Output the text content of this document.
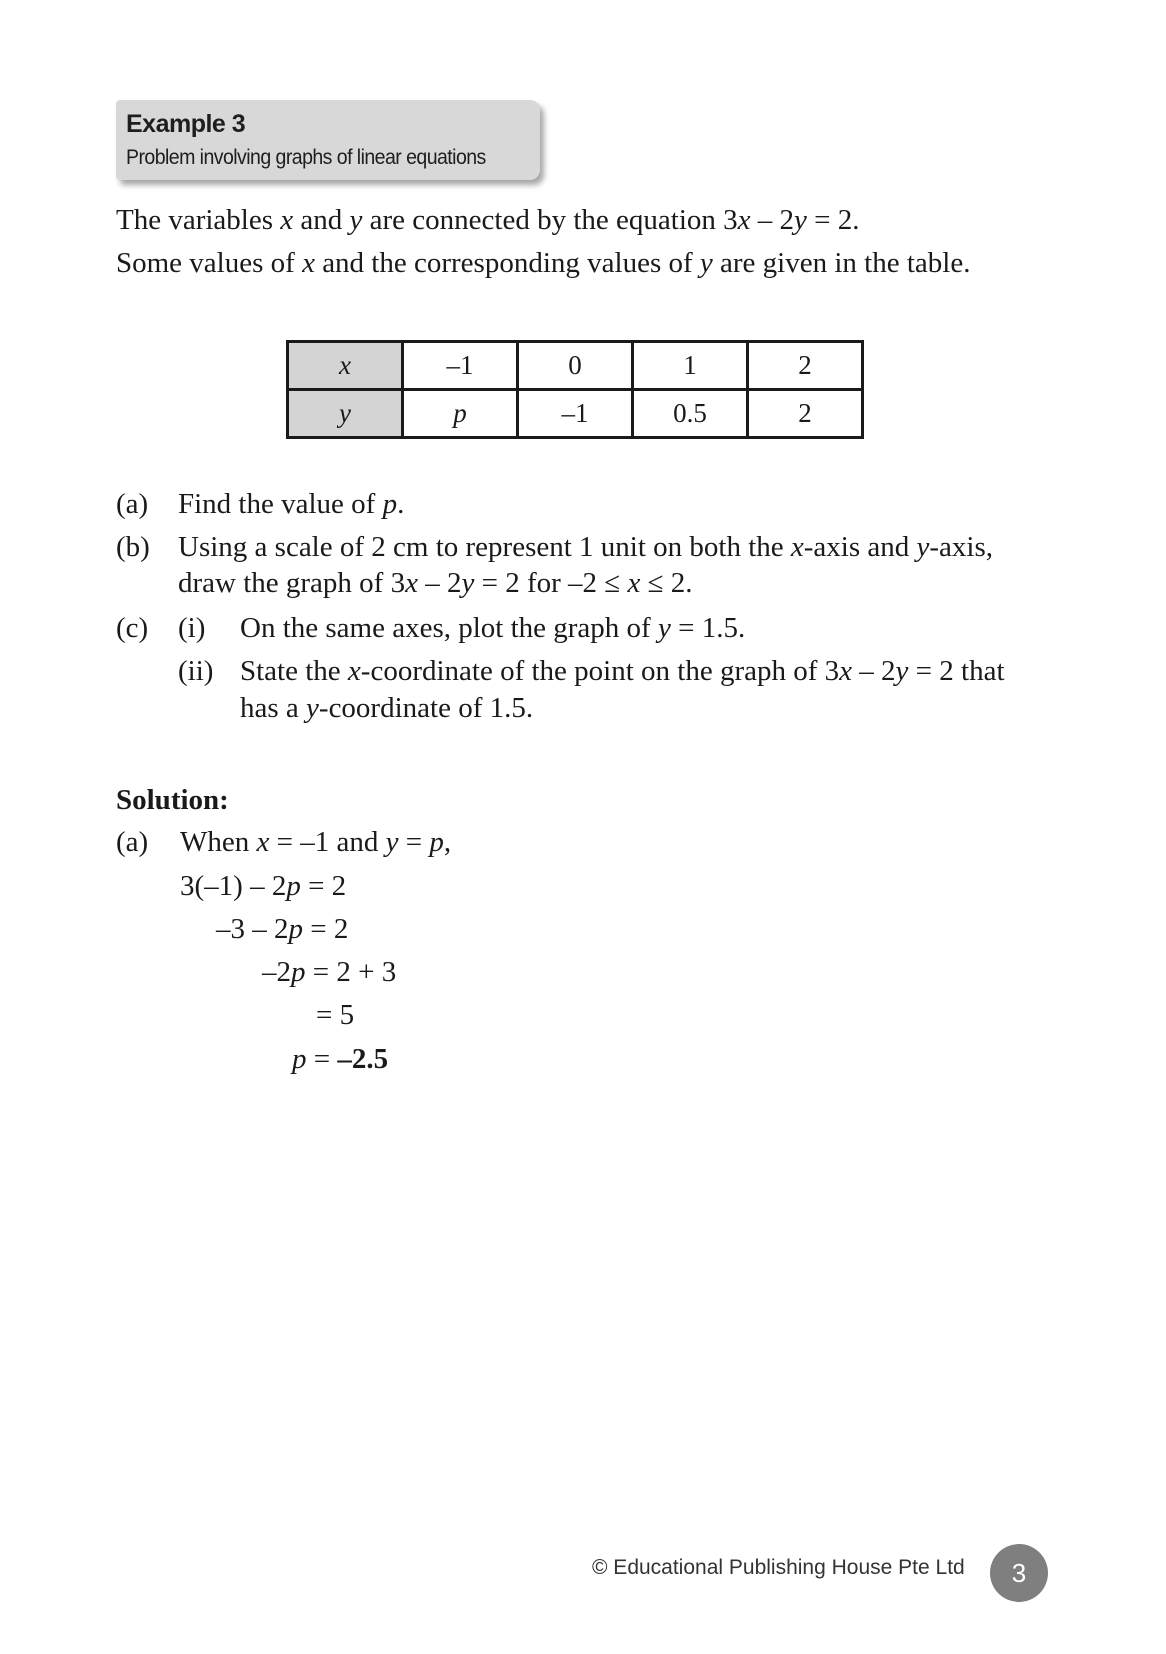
Example 3
Problem involving graphs of linear equations
The variables x and y are connected by the equation 3x – 2y = 2.
Some values of x and the corresponding values of y are given in the table.
x	–1	0	1	2
y	p	–1	0.5	2
(a) Find the value of p.
(b) Using a scale of 2 cm to represent 1 unit on both the x-axis and y-axis,
draw the graph of 3x – 2y = 2 for –2 ≤ x ≤ 2.
(c) (i) On the same axes, plot the graph of y = 1.5.
(ii) State the x-coordinate of the point on the graph of 3x – 2y = 2 that
has a y-coordinate of 1.5.
Solution:
(a) When x = –1 and y = p,
3(–1) – 2p = 2
–3 – 2p = 2
–2p = 2 + 3
= 5
p = –2.5
© Educational Publishing House Pte Ltd	3
